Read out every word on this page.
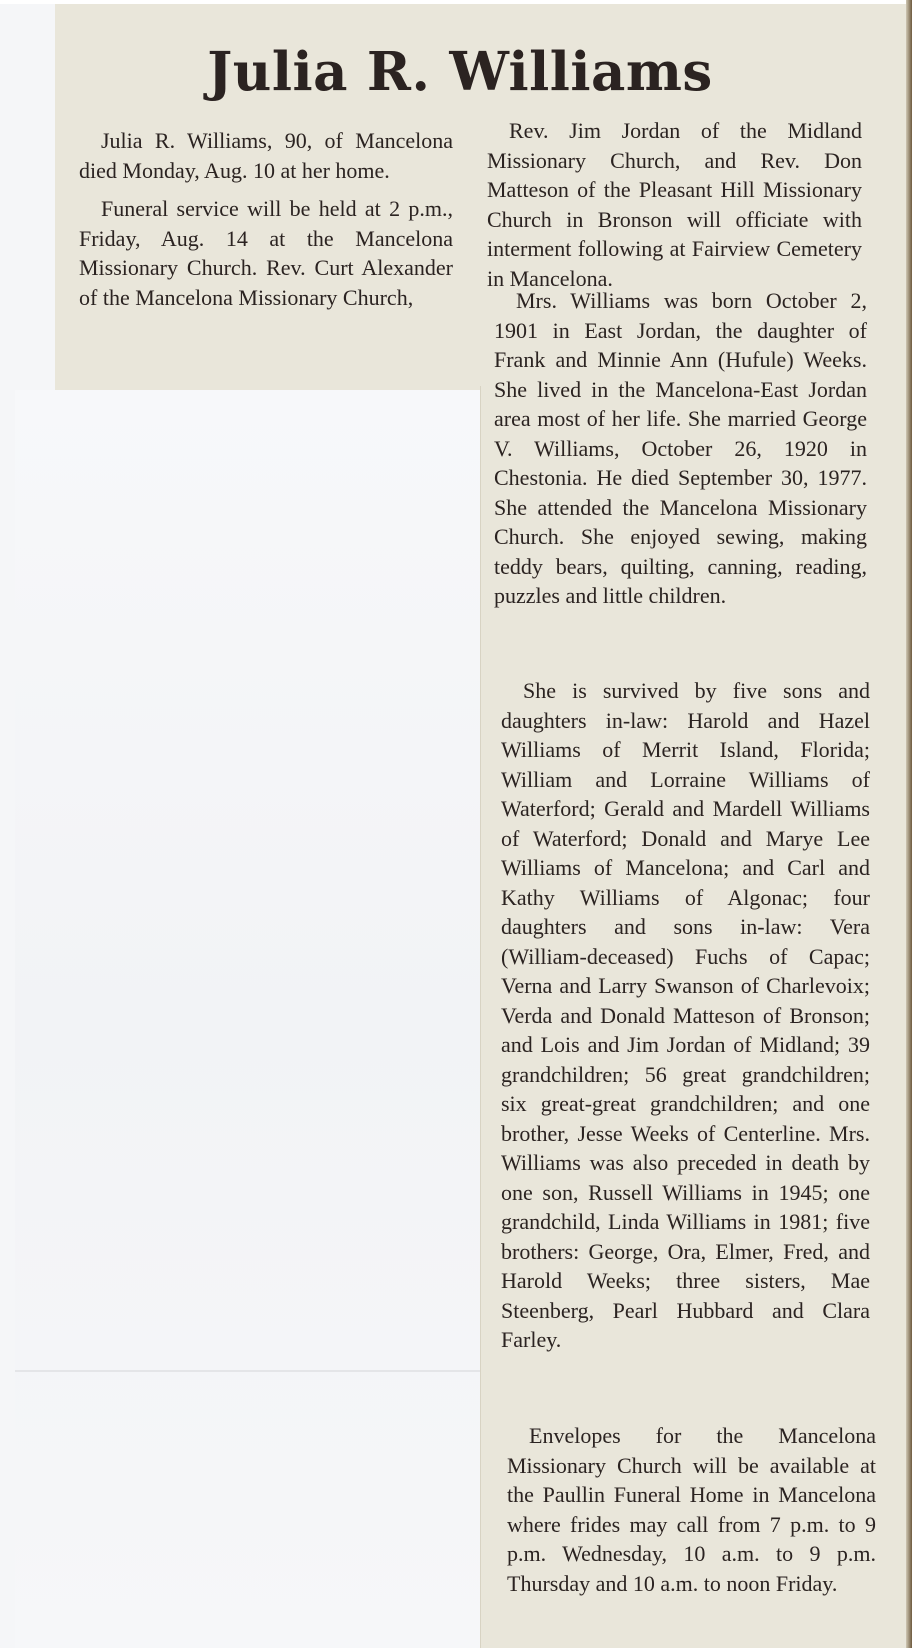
Julia R. Williams

Julia R. Williams, 90, of Mancelona died Monday, Aug. 10 at her home.

Funeral service will be held at 2 p.m., Friday, Aug. 14 at the Mancelona Missionary Church. Rev. Curt Alexander of the Mancelona Missionary Church,

Rev. Jim Jordan of the Midland Missionary Church, and Rev. Don Matteson of the Pleasant Hill Missionary Church in Bronson will officiate with interment following at Fairview Cemetery in Mancelona.

Mrs. Williams was born October 2, 1901 in East Jordan, the daughter of Frank and Minnie Ann (Hufule) Weeks. She lived in the Mancelona-East Jordan area most of her life. She married George V. Williams, October 26, 1920 in Chestonia. He died September 30, 1977. She attended the Mancelona Missionary Church. She enjoyed sewing, making teddy bears, quilting, canning, reading, puzzles and little children.

She is survived by five sons and daughters in-law: Harold and Hazel Williams of Merrit Island, Florida; William and Lorraine Williams of Waterford; Gerald and Mardell Williams of Waterford; Donald and Marye Lee Williams of Mancelona; and Carl and Kathy Williams of Algonac; four daughters and sons in-law: Vera (William-deceased) Fuchs of Capac; Verna and Larry Swanson of Charlevoix; Verda and Donald Matteson of Bronson; and Lois and Jim Jordan of Midland; 39 grandchildren; 56 great grandchildren; six great-great grandchildren; and one brother, Jesse Weeks of Centerline. Mrs. Williams was also preceded in death by one son, Russell Williams in 1945; one grandchild, Linda Williams in 1981; five brothers: George, Ora, Elmer, Fred, and Harold Weeks; three sisters, Mae Steenberg, Pearl Hubbard and Clara Farley.

Envelopes for the Mancelona Missionary Church will be available at the Paullin Funeral Home in Mancelona where frides may call from 7 p.m. to 9 p.m. Wednesday, 10 a.m. to 9 p.m. Thursday and 10 a.m. to noon Friday.
